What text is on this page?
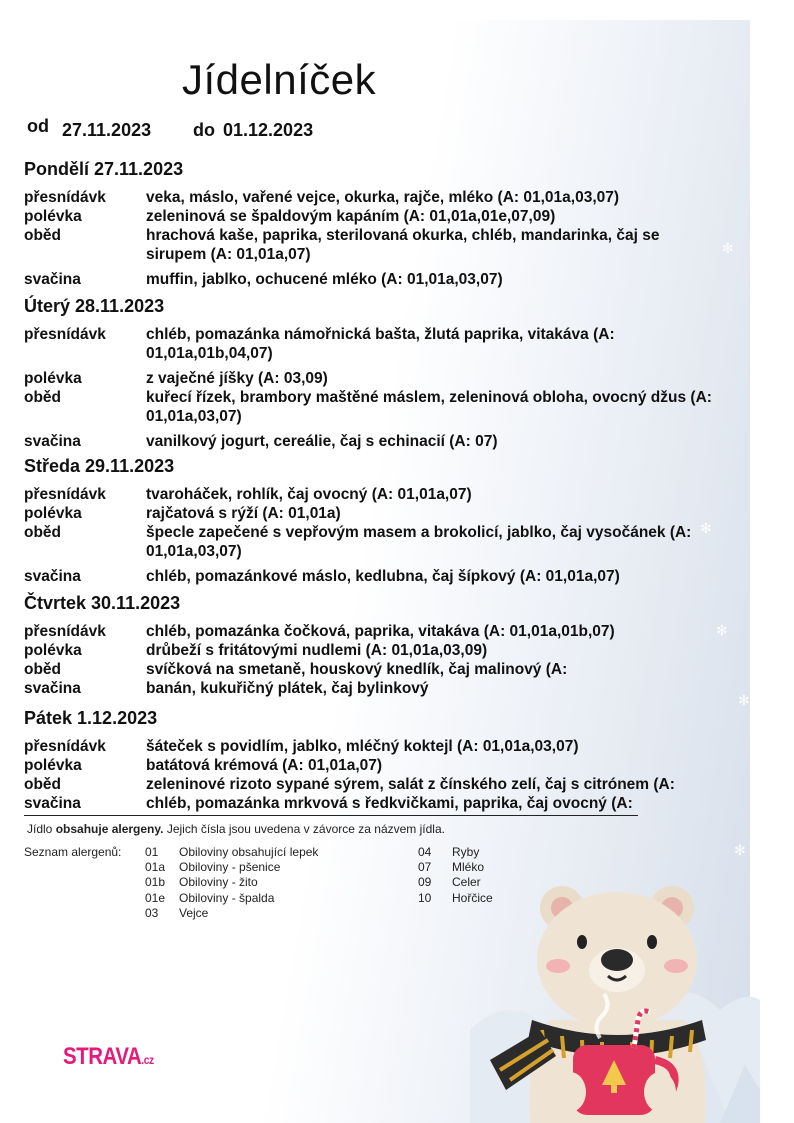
✻
✻
✻
✻
✻
Jídelníček
od 27.11.2023 do 01.12.2023
Pondělí 27.11.2023
přesnídávk	veka, máslo, vařené vejce, okurka, rajče, mléko (A: 01,01a,03,07)
polévka	zeleninová se špaldovým kapáním (A: 01,01a,01e,07,09)
oběd	hrachová kaše, paprika, sterilovaná okurka, chléb, mandarinka, čaj se sirupem (A: 01,01a,07)
svačina	muffin, jablko, ochucené mléko (A: 01,01a,03,07)
Úterý 28.11.2023
přesnídávk	chléb, pomazánka námořnická bašta, žlutá paprika, vitakáva (A: 01,01a,01b,04,07)
polévka	z vaječné jíšky (A: 03,09)
oběd	kuřecí řízek, brambory maštěné máslem, zeleninová obloha, ovocný džus (A: 01,01a,03,07)
svačina	vanilkový jogurt, cereálie, čaj s echinacií (A: 07)
Středa 29.11.2023
přesnídávk	tvaroháček, rohlík, čaj ovocný (A: 01,01a,07)
polévka	rajčatová s rýží (A: 01,01a)
oběd	špecle zapečené s vepřovým masem a brokolicí, jablko, čaj vysočánek (A: 01,01a,03,07)
svačina	chléb, pomazánkové máslo, kedlubna, čaj šípkový (A: 01,01a,07)
Čtvrtek 30.11.2023
přesnídávk	chléb, pomazánka čočková, paprika, vitakáva (A: 01,01a,01b,07)
polévka	drůbeží s fritátovými nudlemi (A: 01,01a,03,09)
oběd	svíčková na smetaně, houskový knedlík, čaj malinový (A:
svačina	banán, kukuřičný plátek, čaj bylinkový
Pátek 1.12.2023
přesnídávk	šáteček s povidlím, jablko, mléčný koktejl (A: 01,01a,03,07)
polévka	batátová krémová (A: 01,01a,07)
oběd	zeleninové rizoto sypané sýrem, salát z čínského zelí, čaj s citrónem (A:
svačina	chléb, pomazánka mrkvová s ředkvičkami, paprika, čaj ovocný (A:
Jídlo obsahuje alergeny. Jejich čísla jsou uvedena v závorce za názvem jídla.
Seznam alergenů: 01	Obiloviny obsahující lepek
01a	Obiloviny - pšenice
01b	Obiloviny - žito
01e	Obiloviny - špalda
03	Vejce
04	Ryby
07	Mléko
09	Celer
10	Hořčice
STRAVA.cz
